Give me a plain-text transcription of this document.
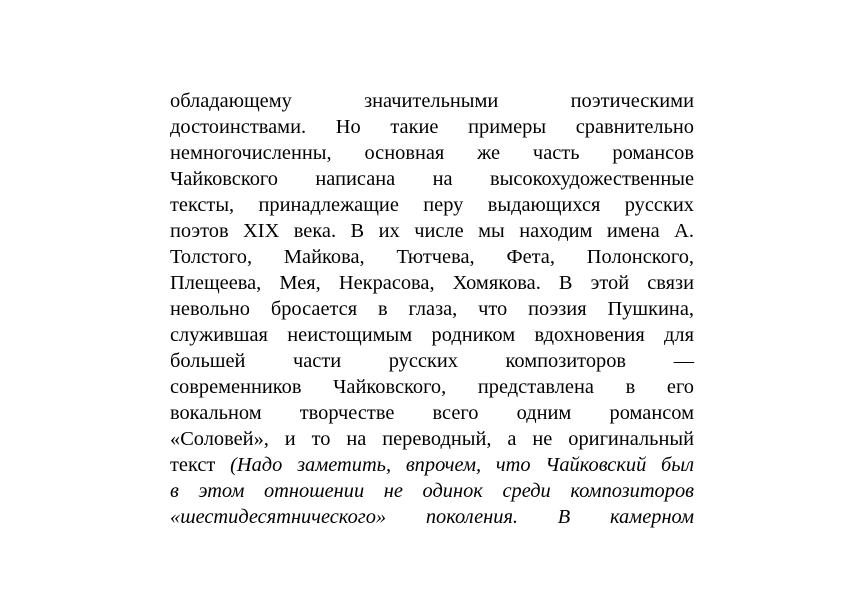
обладающему значительными поэтическими
достоинствами. Но такие примеры сравнительно
немногочисленны, основная же часть романсов
Чайковского написана на высокохудожественные
тексты, принадлежащие перу выдающихся русских
поэтов XIX века. В их числе мы находим имена А.
Толстого, Майкова, Тютчева, Фета, Полонского,
Плещеева, Мея, Некрасова, Хомякова. В этой связи
невольно бросается в глаза, что поэзия Пушкина,
служившая неистощимым родником вдохновения для
большей части русских композиторов —
современников Чайковского, представлена в его
вокальном творчестве всего одним романсом
«Соловей», и то на переводный, а не оригинальный
текст (Надо заметить, впрочем, что Чайковский был
в этом отношении не одинок среди композиторов
«шестидесятнического» поколения. В камерном
